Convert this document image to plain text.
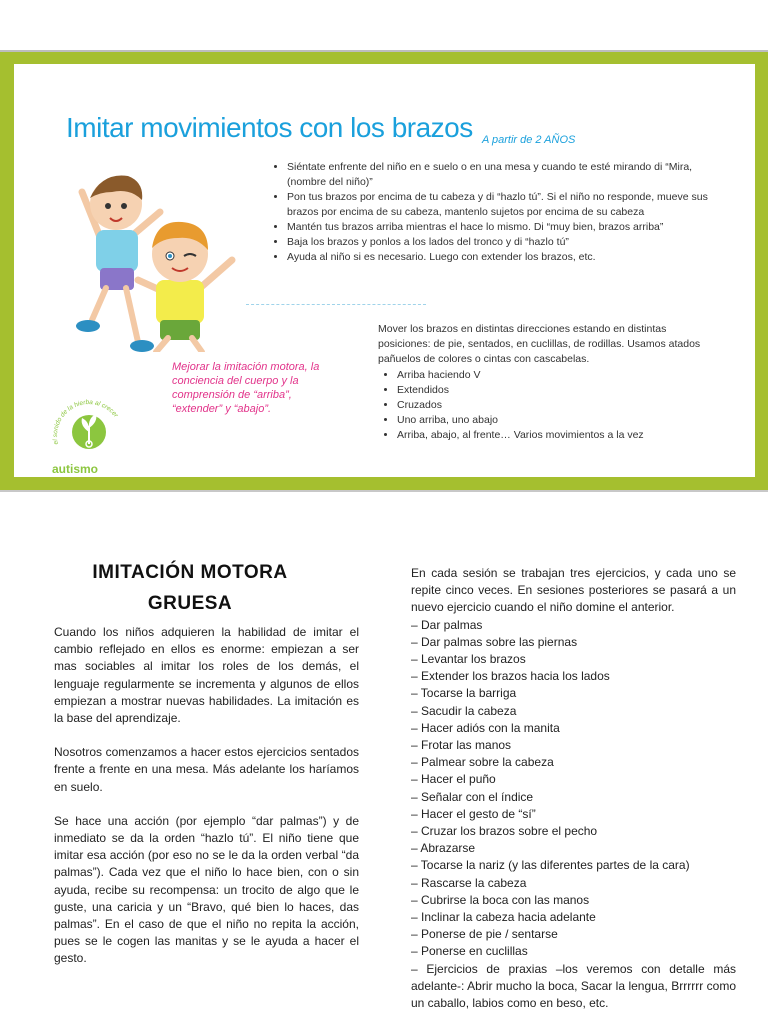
Imitar movimientos con los brazos A partir de 2 AÑOS
• Siéntate enfrente del niño en e suelo o en una mesa y cuando te esté mirando di “Mira, (nombre del niño)”
• Pon tus brazos por encima de tu cabeza y di “hazlo tú”. Si el niño no responde, mueve sus brazos por encima de su cabeza, mantenlo sujetos por encima de su cabeza
• Mantén tus brazos arriba mientras el hace lo mismo. Di “muy bien, brazos arriba”
• Baja los brazos y ponlos a los lados del tronco y di “hazlo tú”
• Ayuda al niño si es necesario. Luego con extender los brazos, etc.
Mover los brazos en distintas direcciones estando en distintas posiciones: de pie, sentados, en cuclillas, de rodillas. Usamos atados pañuelos de colores o cintas con cascabelas.
• Arriba haciendo V
• Extendidos
• Cruzados
• Uno arriba, uno abajo
• Arriba, abajo, al frente… Varios movimientos a la vez
Mejorar la imitación motora, la conciencia del cuerpo y la comprensión de “arriba”, “extender” y “abajo”.
el sonido de la hierba al crecer
autismo
IMITACIÓN MOTORA
GRUESA

Cuando los niños adquieren la habilidad de imitar el cambio reflejado en ellos es enorme: empiezan a ser mas sociables al imitar los roles de los demás, el lenguaje regularmente se incrementa y algunos de ellos empiezan a mostrar nuevas habilidades. La imitación es la base del aprendizaje.

Nosotros comenzamos a hacer estos ejercicios sentados frente a frente en una mesa. Más adelante los haríamos en suelo.

Se hace una acción (por ejemplo “dar palmas”) y de inmediato se da la orden “hazlo tú”. El niño tiene que imitar esa acción (por eso no se le da la orden verbal “da palmas”). Cada vez que el niño lo hace bien, con o sin ayuda, recibe su recompensa: un trocito de algo que le guste, una caricia y un “Bravo, qué bien lo haces, das palmas”. En el caso de que el niño no repita la acción, pues se le cogen las manitas y se le ayuda a hacer el gesto.

En cada sesión se trabajan tres ejercicios, y cada uno se repite cinco veces. En sesiones posteriores se pasará a un nuevo ejercicio cuando el niño domine el anterior.

– Dar palmas
– Dar palmas sobre las piernas
– Levantar los brazos
– Extender los brazos hacia los lados
– Tocarse la barriga
– Sacudir la cabeza
– Hacer adiós con la manita
– Frotar las manos
– Palmear sobre la cabeza
– Hacer el puño
– Señalar con el índice
– Hacer el gesto de “sí”
– Cruzar los brazos sobre el pecho
– Abrazarse
– Tocarse la nariz (y las diferentes partes de la cara)
– Rascarse la cabeza
– Cubrirse la boca con las manos
– Inclinar la cabeza hacia adelante
– Ponerse de pie / sentarse
– Ponerse en cuclillas

– Ejercicios de praxias –los veremos con detalle más adelante-: Abrir mucho la boca, Sacar la lengua, Brrrrrr como un caballo, labios como en beso, etc.
